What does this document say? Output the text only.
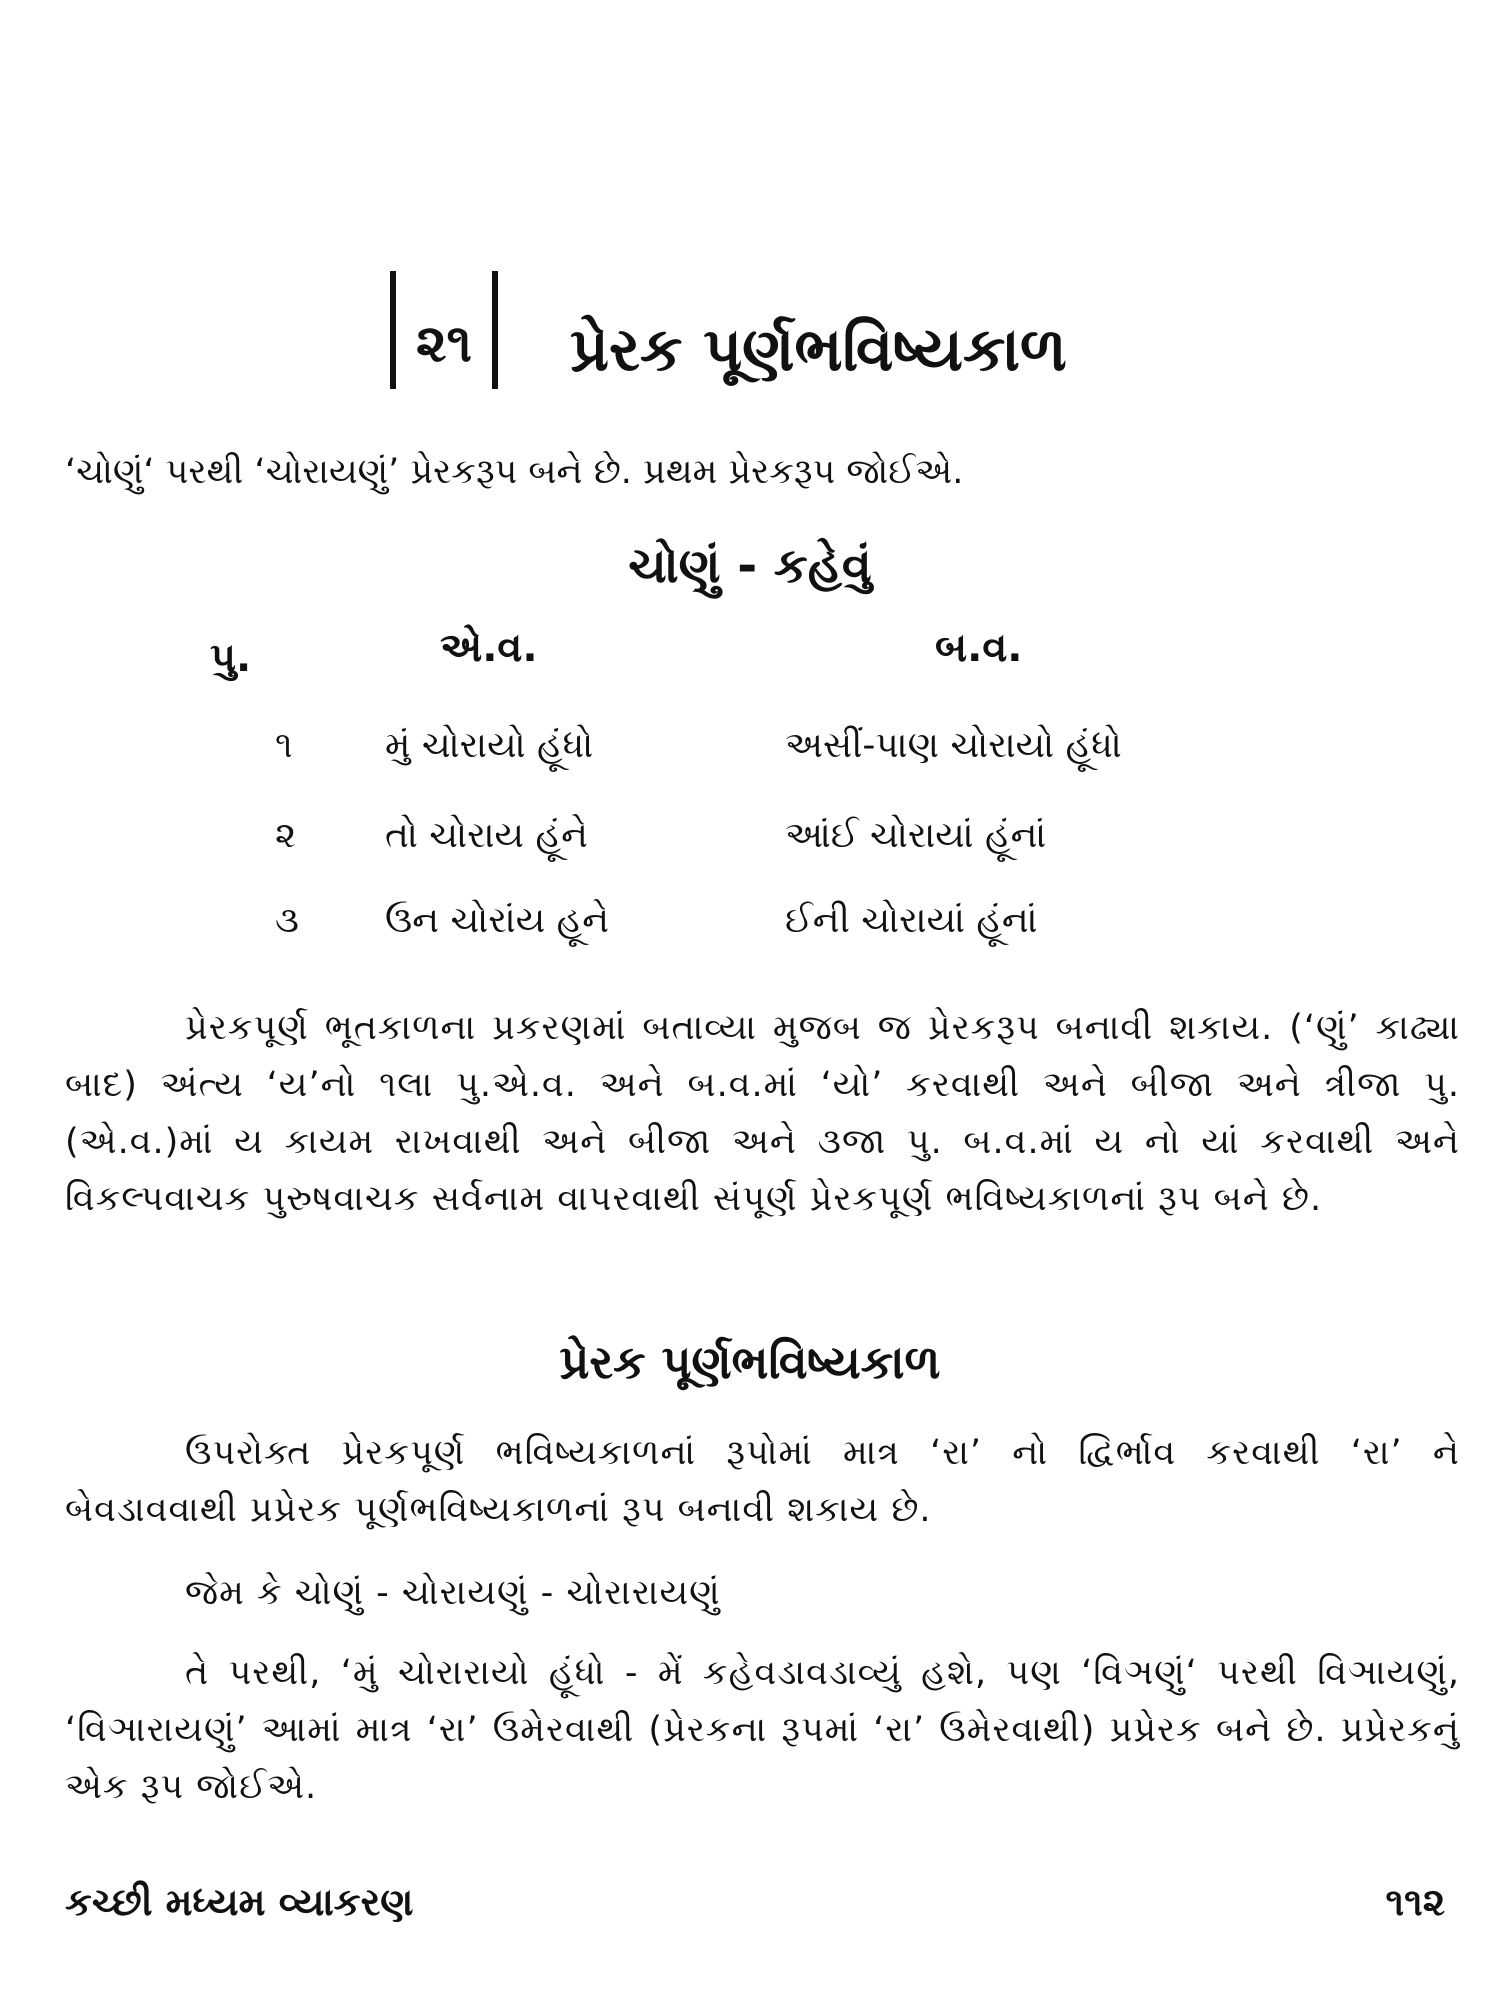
૨૧	પ્રેરક પૂર્ણભવિષ્યકાળ
‘ચોણું‘ પરથી ‘ચોરાયણું’ પ્રેરકરૂપ બને છે. પ્રથમ પ્રેરકરૂપ જોઈએ.
ચોણું - કહેવું
પુ.	એ.વ.	બ.વ.
૧	મું ચોરાયો હૂંધો	અસીં-પાણ ચોરાયો હૂંધો
૨ તો ચોરાય હૂંને	આંઈ ચોરાયાં હૂંનાં
૩ ઉન ચોરાંય હૂને	ઈની ચોરાયાં હૂંનાં
પ્રેરકપૂર્ણ ભૂતકાળના પ્રકરણમાં બતાવ્યા મુજબ જ પ્રેરકરૂપ બનાવી શકાય. (‘ણું’ કાઢ્યા બાદ) અંત્ય ‘ય’નો ૧લા પુ.એ.વ. અને બ.વ.માં ‘યો’ કરવાથી અને બીજા અને ત્રીજા પુ. (એ.વ.)માં ય કાયમ રાખવાથી અને બીજા અને ૩જા પુ. બ.વ.માં ય નો યાં કરવાથી અને વિકલ્પવાચક પુરુષવાચક સર્વનામ વાપરવાથી સંપૂર્ણ પ્રેરકપૂર્ણ ભવિષ્યકાળનાં રૂપ બને છે.
પ્રેરક પૂર્ણભવિષ્યકાળ
ઉપરોક્ત પ્રેરકપૂર્ણ ભવિષ્યકાળનાં રૂપોમાં માત્ર ‘રા’ નો દ્વિર્ભાવ કરવાથી ‘રા’ ને બેવડાવવાથી પ્રપ્રેરક પૂર્ણભવિષ્યકાળનાં રૂપ બનાવી શકાય છે.
જેમ કે ચોણું - ચોરાયણું - ચોરારાયણું
તે પરથી, ‘મું ચોરારાયો હૂંધો - મેં કહેવડાવડાવ્યું હશે, પણ ‘વિઞણું‘ પરથી વિઞાયણું, ‘વિઞારાયણું’ આમાં માત્ર ‘રા’ ઉમેરવાથી (પ્રેરકના રૂપમાં ‘રા’ ઉમેરવાથી) પ્રપ્રેરક બને છે. પ્રપ્રેરકનું એક રૂપ જોઈએ.
કચ્છી મધ્યમ વ્યાકરણ	૧૧૨
